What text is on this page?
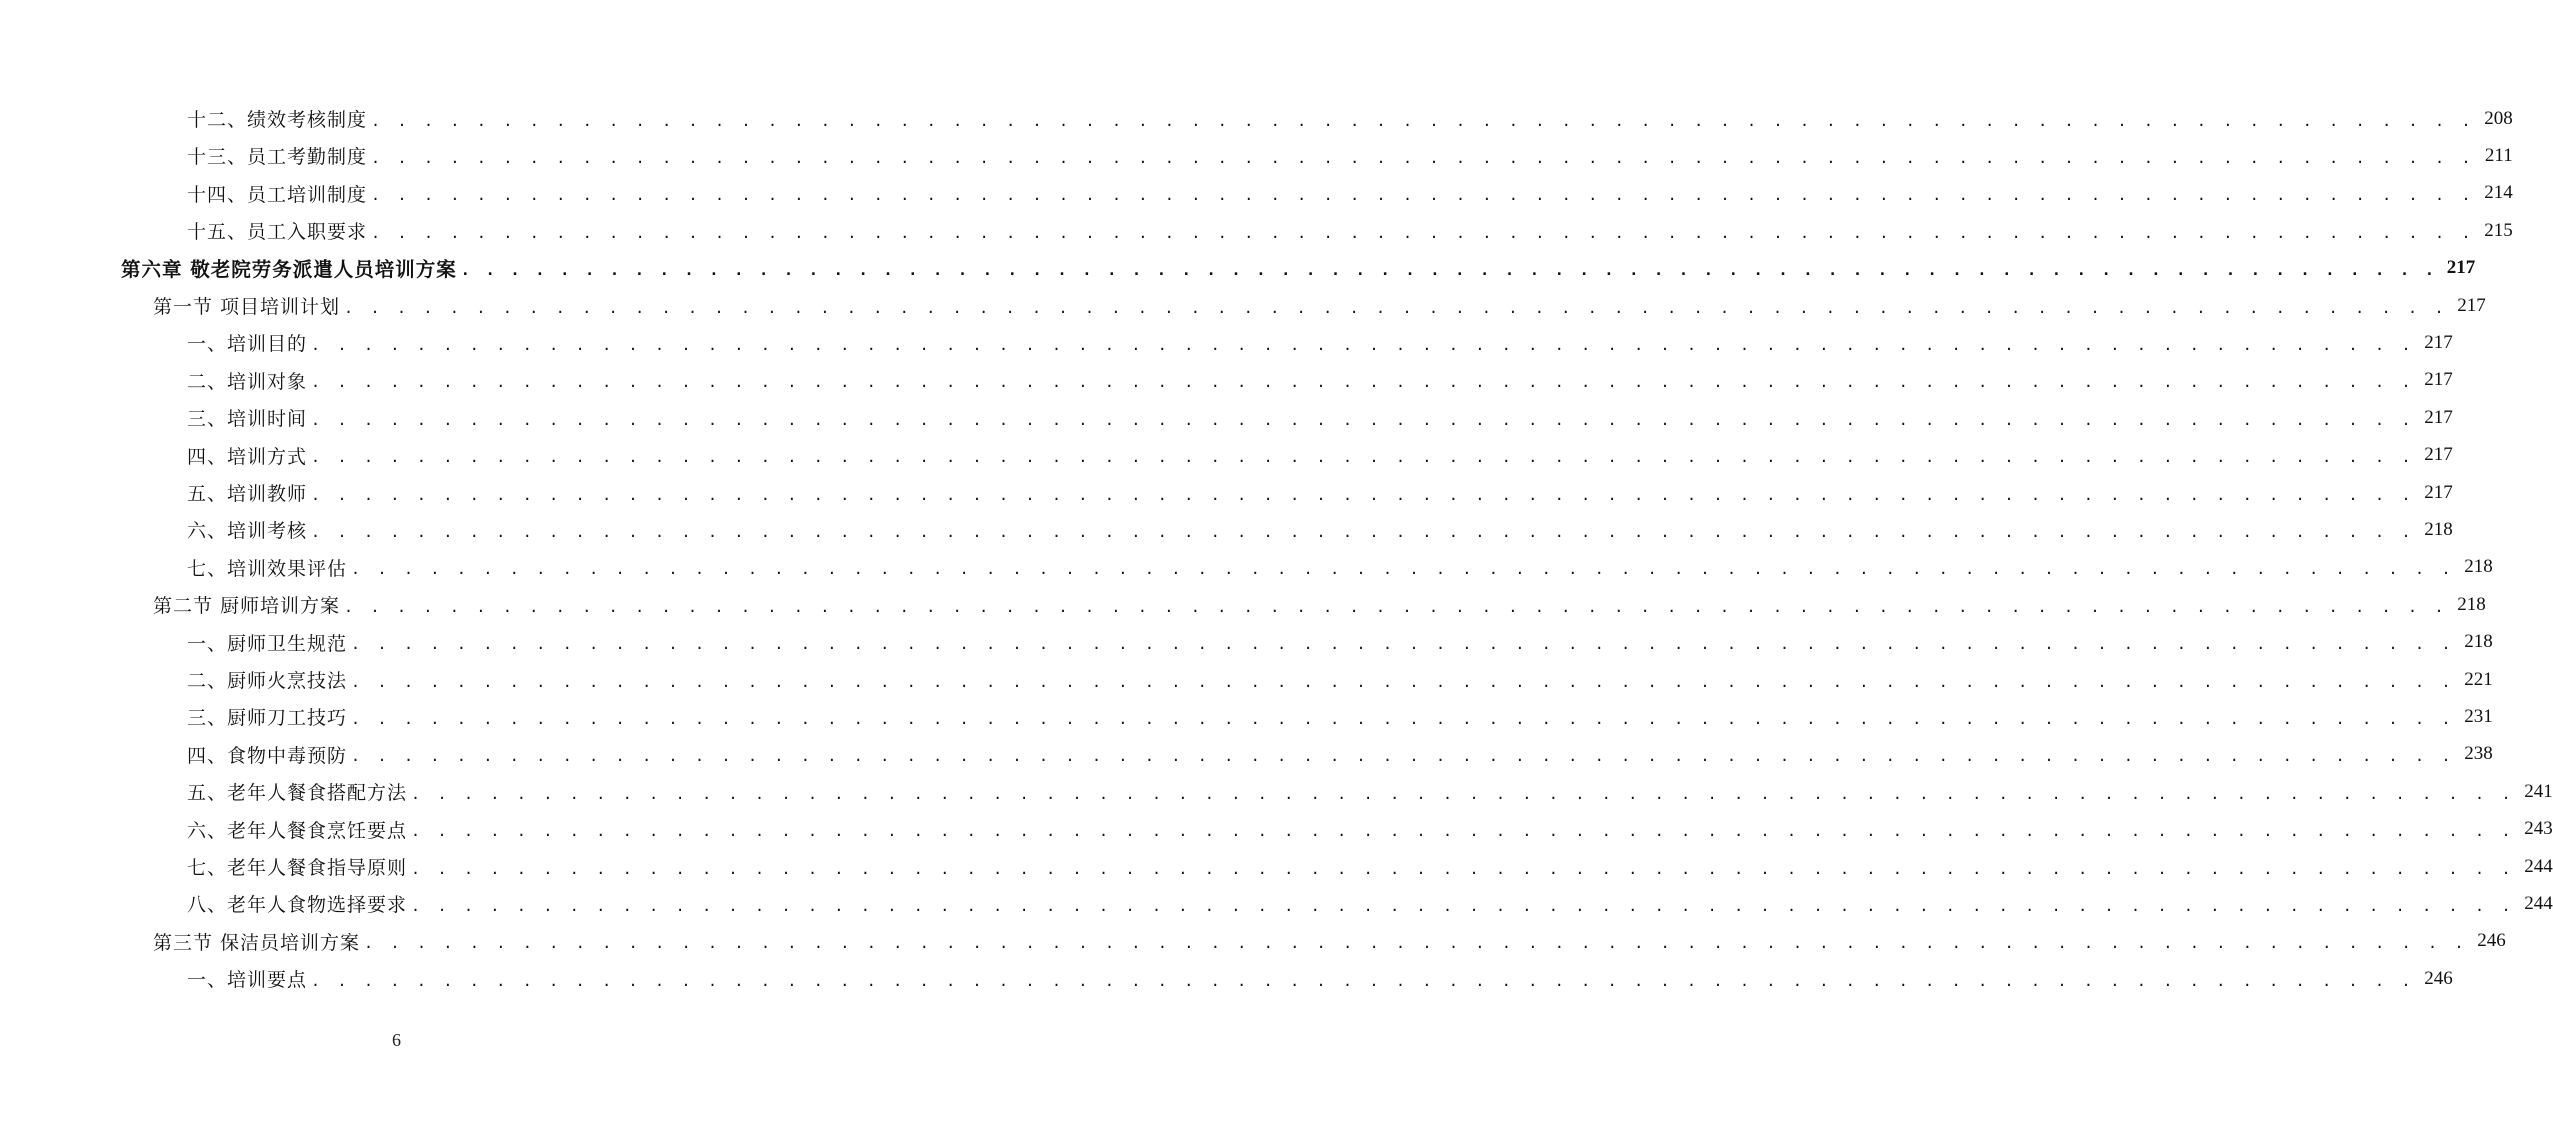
十二、绩效考核制度 . . . . . . . . . . . . . . . . . . . . . . . . . . . . . . . . . . . . . . . . . . . . . . . . . . . . . . . . . . . . . . . . . . . . . . . . . . . . . . . . 208
十三、员工考勤制度 . . . . . . . . . . . . . . . . . . . . . . . . . . . . . . . . . . . . . . . . . . . . . . . . . . . . . . . . . . . . . . . . . . . . . . . . . . . . . . . . 211
十四、员工培训制度 . . . . . . . . . . . . . . . . . . . . . . . . . . . . . . . . . . . . . . . . . . . . . . . . . . . . . . . . . . . . . . . . . . . . . . . . . . . . . . . . 214
十五、员工入职要求 . . . . . . . . . . . . . . . . . . . . . . . . . . . . . . . . . . . . . . . . . . . . . . . . . . . . . . . . . . . . . . . . . . . . . . . . . . . . . . . . 215
第六章 敬老院劳务派遣人员培训方案 . . . . . . . . . . . . . . . . . . . . . . . . . . . . . . . . . . . . . . . . . . . . . . . . . . . . . . . . . . . . . . . . . . . . . . . . . . . . . . . . 217
第一节 项目培训计划 . . . . . . . . . . . . . . . . . . . . . . . . . . . . . . . . . . . . . . . . . . . . . . . . . . . . . . . . . . . . . . . . . . . . . . . . . . . . . . . . 217
一、培训目的 . . . . . . . . . . . . . . . . . . . . . . . . . . . . . . . . . . . . . . . . . . . . . . . . . . . . . . . . . . . . . . . . . . . . . . . . . . . . . . . . 217
二、培训对象 . . . . . . . . . . . . . . . . . . . . . . . . . . . . . . . . . . . . . . . . . . . . . . . . . . . . . . . . . . . . . . . . . . . . . . . . . . . . . . . . 217
三、培训时间 . . . . . . . . . . . . . . . . . . . . . . . . . . . . . . . . . . . . . . . . . . . . . . . . . . . . . . . . . . . . . . . . . . . . . . . . . . . . . . . . 217
四、培训方式 . . . . . . . . . . . . . . . . . . . . . . . . . . . . . . . . . . . . . . . . . . . . . . . . . . . . . . . . . . . . . . . . . . . . . . . . . . . . . . . . 217
五、培训教师 . . . . . . . . . . . . . . . . . . . . . . . . . . . . . . . . . . . . . . . . . . . . . . . . . . . . . . . . . . . . . . . . . . . . . . . . . . . . . . . . 217
六、培训考核 . . . . . . . . . . . . . . . . . . . . . . . . . . . . . . . . . . . . . . . . . . . . . . . . . . . . . . . . . . . . . . . . . . . . . . . . . . . . . . . . 218
七、培训效果评估 . . . . . . . . . . . . . . . . . . . . . . . . . . . . . . . . . . . . . . . . . . . . . . . . . . . . . . . . . . . . . . . . . . . . . . . . . . . . . . . . 218
第二节 厨师培训方案 . . . . . . . . . . . . . . . . . . . . . . . . . . . . . . . . . . . . . . . . . . . . . . . . . . . . . . . . . . . . . . . . . . . . . . . . . . . . . . . . 218
一、厨师卫生规范 . . . . . . . . . . . . . . . . . . . . . . . . . . . . . . . . . . . . . . . . . . . . . . . . . . . . . . . . . . . . . . . . . . . . . . . . . . . . . . . . 218
二、厨师火烹技法 . . . . . . . . . . . . . . . . . . . . . . . . . . . . . . . . . . . . . . . . . . . . . . . . . . . . . . . . . . . . . . . . . . . . . . . . . . . . . . . . 221
三、厨师刀工技巧 . . . . . . . . . . . . . . . . . . . . . . . . . . . . . . . . . . . . . . . . . . . . . . . . . . . . . . . . . . . . . . . . . . . . . . . . . . . . . . . . 231
四、食物中毒预防 . . . . . . . . . . . . . . . . . . . . . . . . . . . . . . . . . . . . . . . . . . . . . . . . . . . . . . . . . . . . . . . . . . . . . . . . . . . . . . . . 238
五、老年人餐食搭配方法 . . . . . . . . . . . . . . . . . . . . . . . . . . . . . . . . . . . . . . . . . . . . . . . . . . . . . . . . . . . . . . . . . . . . . . . . . . . . . . . . 241
六、老年人餐食烹饪要点 . . . . . . . . . . . . . . . . . . . . . . . . . . . . . . . . . . . . . . . . . . . . . . . . . . . . . . . . . . . . . . . . . . . . . . . . . . . . . . . . 243
七、老年人餐食指导原则 . . . . . . . . . . . . . . . . . . . . . . . . . . . . . . . . . . . . . . . . . . . . . . . . . . . . . . . . . . . . . . . . . . . . . . . . . . . . . . . . 244
八、老年人食物选择要求 . . . . . . . . . . . . . . . . . . . . . . . . . . . . . . . . . . . . . . . . . . . . . . . . . . . . . . . . . . . . . . . . . . . . . . . . . . . . . . . . 244
第三节 保洁员培训方案 . . . . . . . . . . . . . . . . . . . . . . . . . . . . . . . . . . . . . . . . . . . . . . . . . . . . . . . . . . . . . . . . . . . . . . . . . . . . . . . . 246
一、培训要点 . . . . . . . . . . . . . . . . . . . . . . . . . . . . . . . . . . . . . . . . . . . . . . . . . . . . . . . . . . . . . . . . . . . . . . . . . . . . . . . . 246
6
